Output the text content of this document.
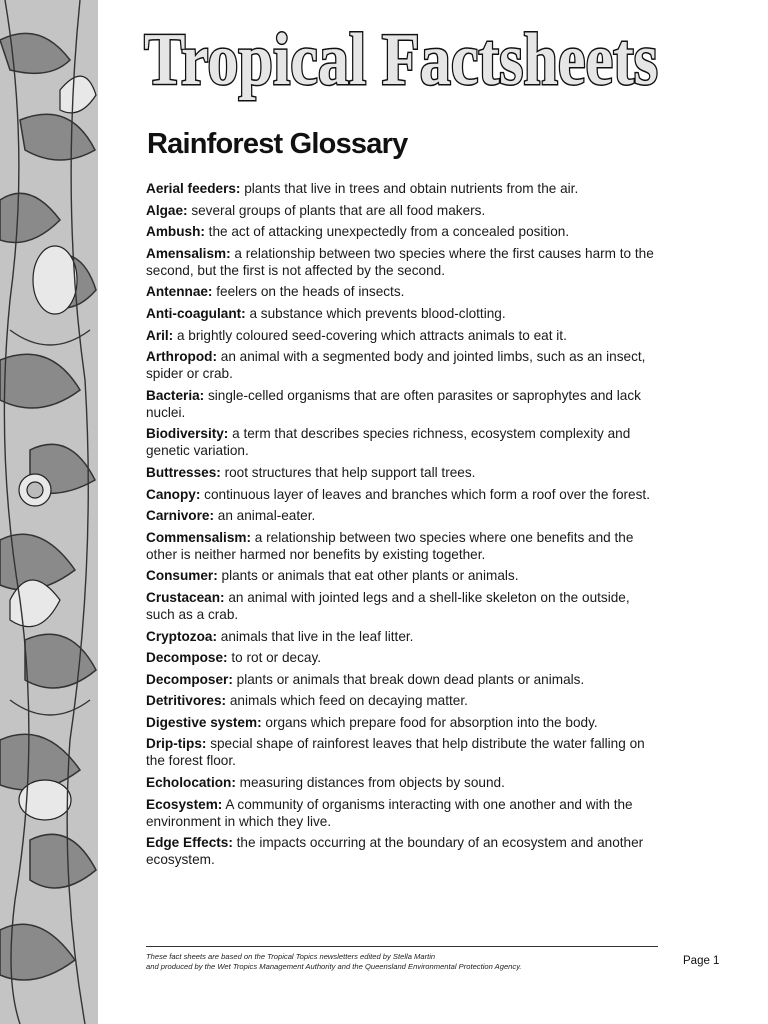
Tropical Factsheets
Rainforest Glossary

Aerial feeders: plants that live in trees and obtain nutrients from the air.

Algae: several groups of plants that are all food makers.

Ambush: the act of attacking unexpectedly from a concealed position.

Amensalism: a relationship between two species where the first causes harm to the second, but the first is not affected by the second.

Antennae: feelers on the heads of insects.

Anti-coagulant: a substance which prevents blood-clotting.

Aril: a brightly coloured seed-covering which attracts animals to eat it.

Arthropod: an animal with a segmented body and jointed limbs, such as an insect, spider or crab.

Bacteria: single-celled organisms that are often parasites or saprophytes and lack nuclei.

Biodiversity: a term that describes species richness, ecosystem complexity and genetic variation.

Buttresses: root structures that help support tall trees.

Canopy: continuous layer of leaves and branches which form a roof over the forest.

Carnivore: an animal-eater.

Commensalism: a relationship between two species where one benefits and the other is neither harmed nor benefits by existing together.

Consumer: plants or animals that eat other plants or animals.

Crustacean: an animal with jointed legs and a shell-like skeleton on the outside, such as a crab.

Cryptozoa: animals that live in the leaf litter.

Decompose: to rot or decay.

Decomposer: plants or animals that break down dead plants or animals.

Detritivores: animals which feed on decaying matter.

Digestive system: organs which prepare food for absorption into the body.

Drip-tips: special shape of rainforest leaves that help distribute the water falling on the forest floor.

Echolocation: measuring distances from objects by sound.

Ecosystem: A community of organisms interacting with one another and with the environment in which they live.

Edge Effects: the impacts occurring at the boundary of an ecosystem and another ecosystem.

These fact sheets are based on the Tropical Topics newsletters edited by Stella Martin
and produced by the Wet Tropics Management Authority and the Queensland Environmental Protection Agency.	Page 1
